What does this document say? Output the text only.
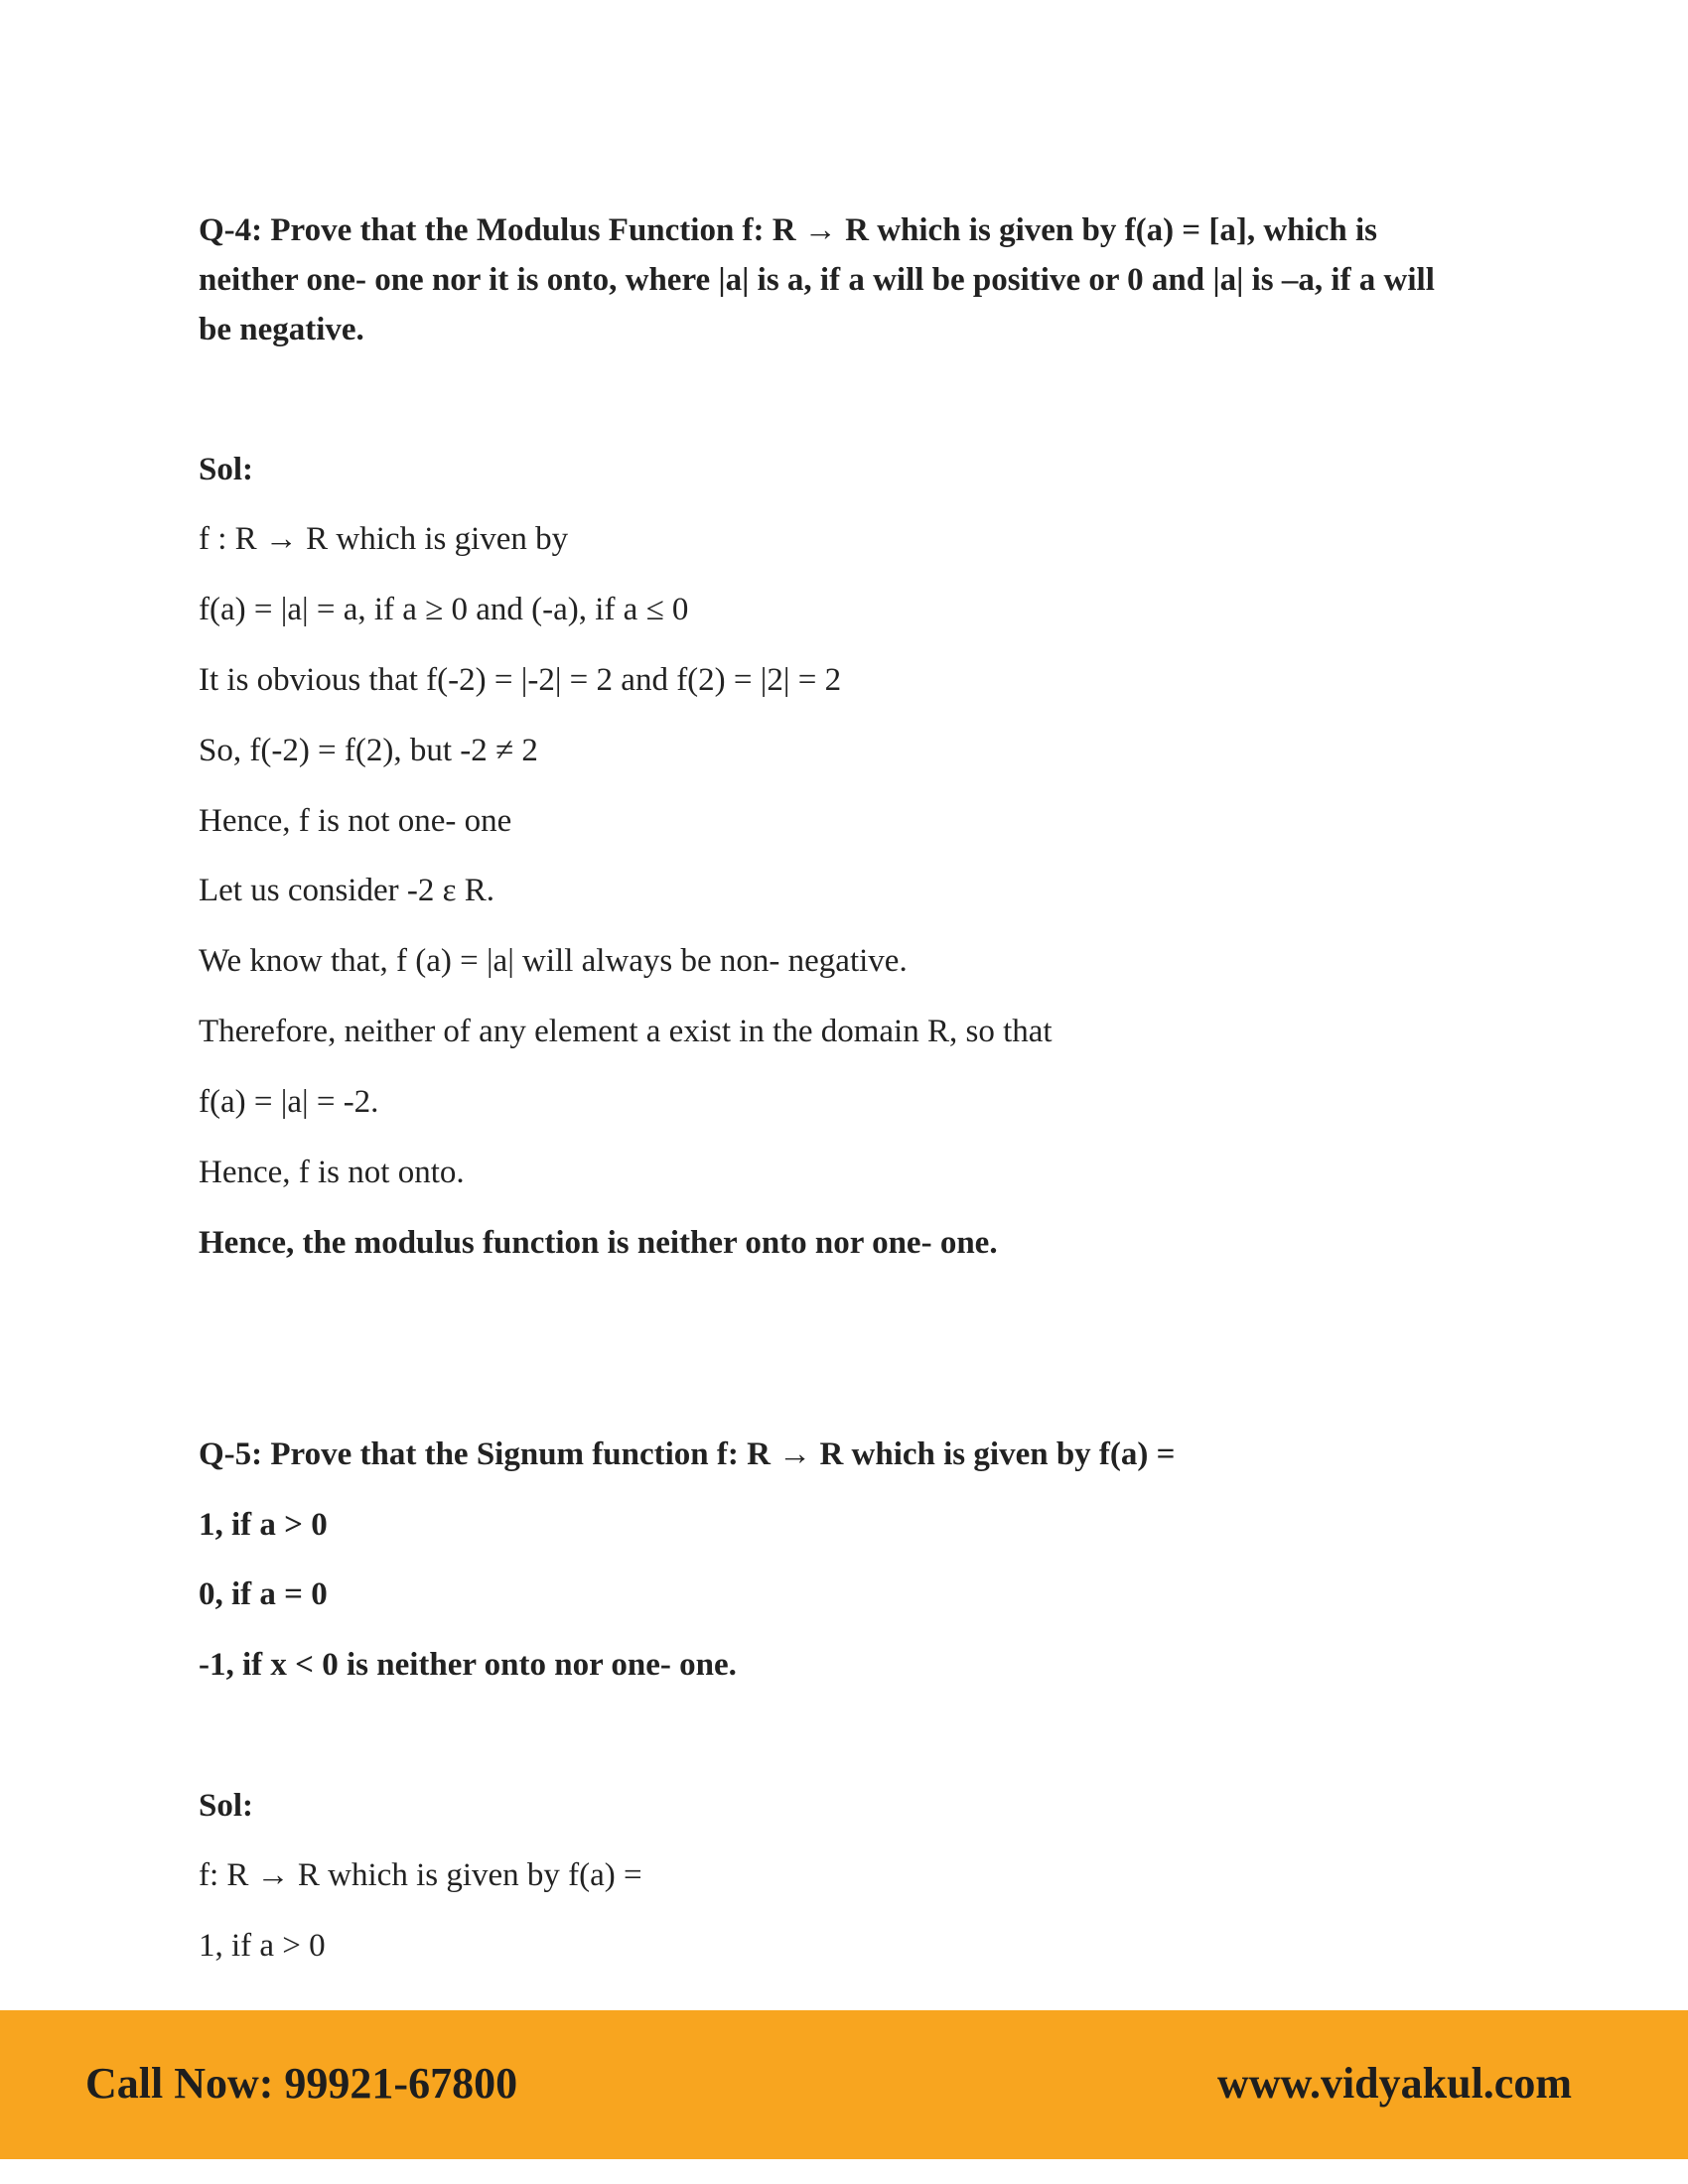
Q-4: Prove that the Modulus Function f: R → R which is given by f(a) = [a], which is
neither one- one nor it is onto, where |a| is a, if a will be positive or 0 and |a| is –a, if a will
be negative.

Sol:

f : R → R which is given by

f(a) = |a| = a, if a ≥ 0 and (-a), if a ≤ 0

It is obvious that f(-2) = |-2| = 2 and f(2) = |2| = 2

So, f(-2) = f(2), but -2 ≠ 2

Hence, f is not one- one

Let us consider -2 ε R.

We know that, f (a) = |a| will always be non- negative.

Therefore, neither of any element a exist in the domain R, so that

f(a) = |a| = -2.

Hence, f is not onto.

Hence, the modulus function is neither onto nor one- one.

Q-5: Prove that the Signum function f: R → R which is given by f(a) =

1, if a > 0

0, if a = 0

-1, if x < 0 is neither onto nor one- one.

Sol:

f: R → R which is given by f(a) =

1, if a > 0

Call Now: 99921-67800	www.vidyakul.com
